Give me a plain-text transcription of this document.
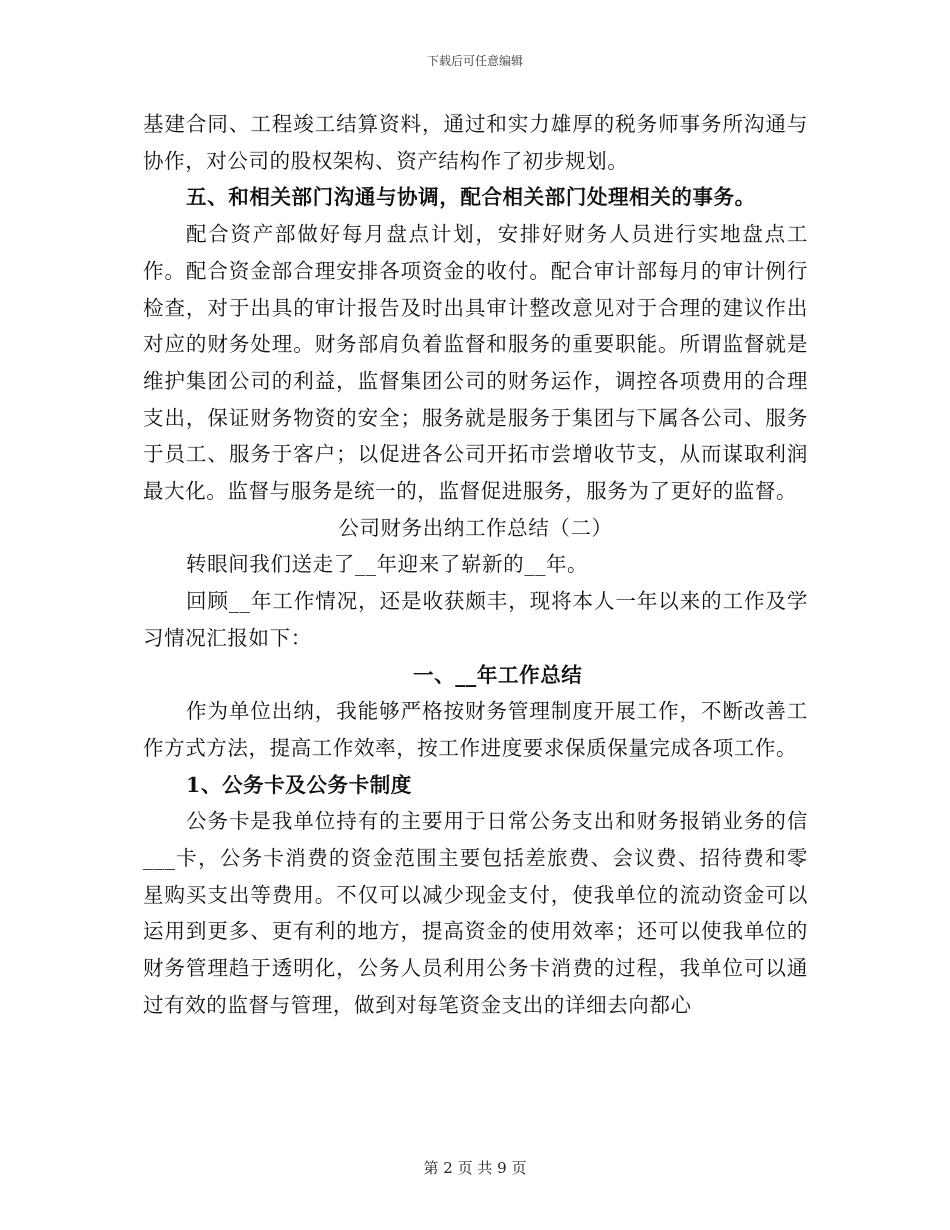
下载后可任意编辑

基建合同、工程竣工结算资料，通过和实力雄厚的税务师事务所沟通与协作，对公司的股权架构、资产结构作了初步规划。

五、和相关部门沟通与协调，配合相关部门处理相关的事务。

配合资产部做好每月盘点计划，安排好财务人员进行实地盘点工作。配合资金部合理安排各项资金的收付。配合审计部每月的审计例行检查，对于出具的审计报告及时出具审计整改意见对于合理的建议作出对应的财务处理。财务部肩负着监督和服务的重要职能。所谓监督就是维护集团公司的利益，监督集团公司的财务运作，调控各项费用的合理支出，保证财务物资的安全；服务就是服务于集团与下属各公司、服务于员工、服务于客户；以促进各公司开拓市尝增收节支，从而谋取利润最大化。监督与服务是统一的，监督促进服务，服务为了更好的监督。

公司财务出纳工作总结（二）

转眼间我们送走了__年迎来了崭新的__年。

回顾__年工作情况，还是收获颇丰，现将本人一年以来的工作及学习情况汇报如下：

一、__年工作总结

作为单位出纳，我能够严格按财务管理制度开展工作，不断改善工作方式方法，提高工作效率，按工作进度要求保质保量完成各项工作。

1、公务卡及公务卡制度

公务卡是我单位持有的主要用于日常公务支出和财务报销业务的信___卡，公务卡消费的资金范围主要包括差旅费、会议费、招待费和零星购买支出等费用。不仅可以减少现金支付，使我单位的流动资金可以运用到更多、更有利的地方，提高资金的使用效率；还可以使我单位的财务管理趋于透明化，公务人员利用公务卡消费的过程，我单位可以通过有效的监督与管理，做到对每笔资金支出的详细去向都心

第 2 页 共 9 页
